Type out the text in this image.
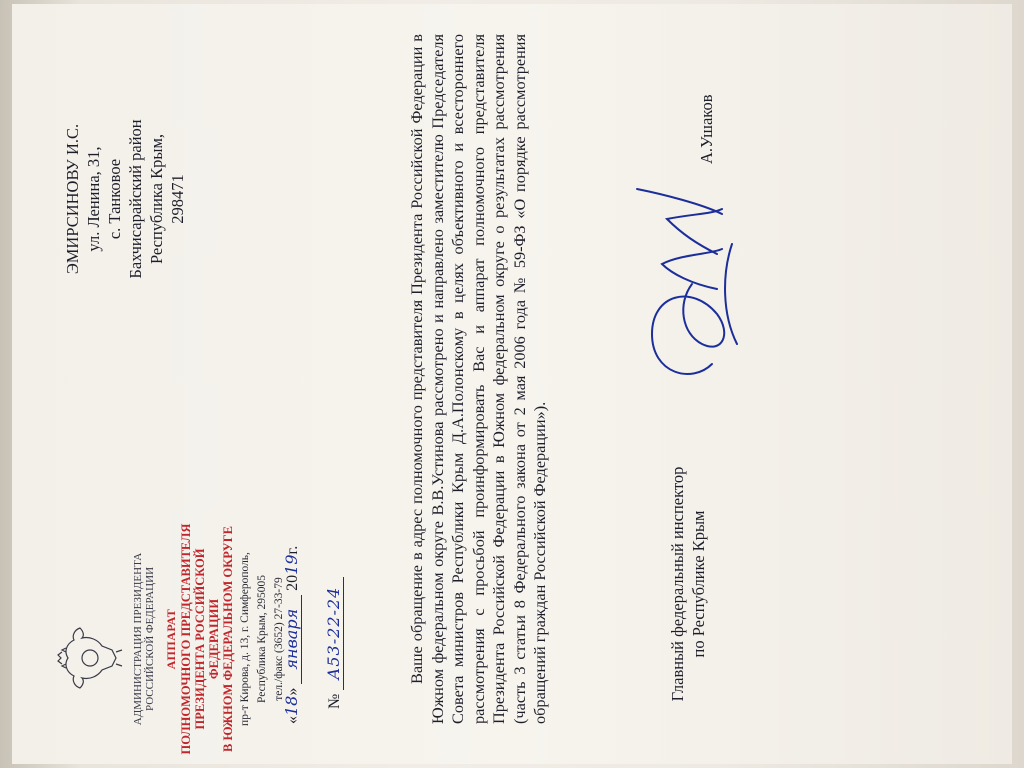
АДМИНИСТРАЦИЯ ПРЕЗИДЕНТА РОССИЙСКОЙ ФЕДЕРАЦИИ АППАРАТ ПОЛНОМОЧНОГО ПРЕДСТАВИТЕЛЯ ПРЕЗИДЕНТА РОССИЙСКОЙ ФЕДЕРАЦИИ В ЮЖНОМ ФЕДЕРАЛЬНОМ ОКРУГЕ пр-т Кирова, д. 13, г. Симферополь, Республика Крым, 295005 тел./факс (3652) 27-33-79
«18» января 2019г.
№ А53-22-24
ЭМИРСИНОВУ И.С. ул. Ленина, 31, с. Танковое Бахчисарайский район Республика Крым, 298471	Ваше обращение в адрес полномочного представителя Президента Российской Федерации в Южном федеральном округе В.В.Устинова рассмотрено и направлено заместителю Председателя Совета министров Республики Крым Д.А.Полонскому в целях объективного и всестороннего рассмотрения с просьбой проинформировать Вас и аппарат полномочного представителя Президента Российской Федерации в Южном федеральном округе о результатах рассмотрения (часть 3 статьи 8 Федерального закона от 2 мая 2006 года № 59-ФЗ «О порядке рассмотрения обращений граждан Российской Федерации»).	Главный федеральный инспектор по Республике Крым
А.Ушаков
